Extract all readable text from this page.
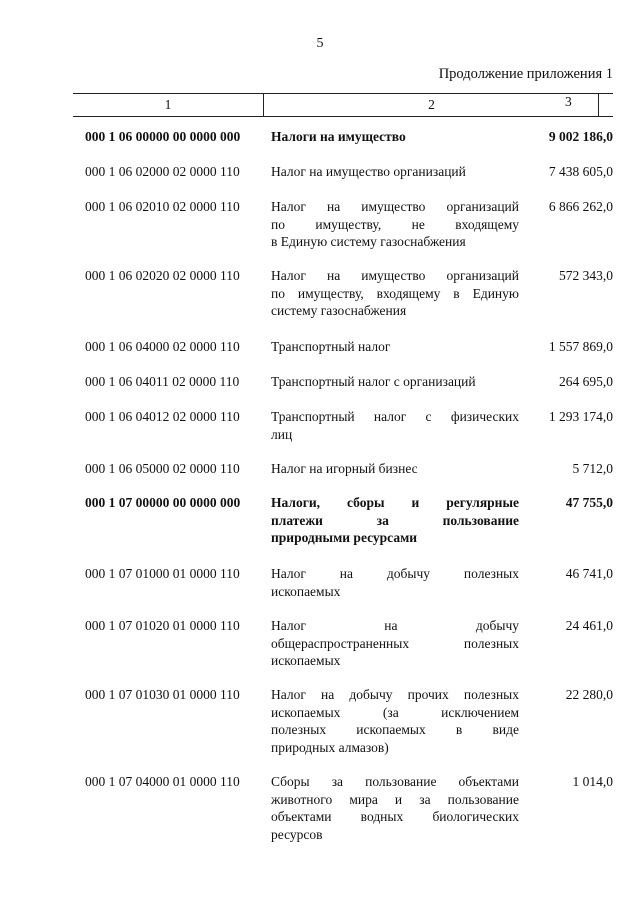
5
Продолжение приложения 1
1	2	3
000 1 06 00000 00 0000 000	Налоги на имущество	9 002 186,0
000 1 06 02000 02 0000 110	Налог на имущество организаций	7 438 605,0
000 1 06 02010 02 0000 110	Налог на имущество организаций
по имуществу, не входящему
в Единую систему газоснабжения
6 866 262,0
000 1 06 02020 02 0000 110	Налог на имущество организаций
по имуществу, входящему в Единую
систему газоснабжения
572 343,0
000 1 06 04000 02 0000 110	Транспортный налог	1 557 869,0
000 1 06 04011 02 0000 110	Транспортный налог с организаций	264 695,0
000 1 06 04012 02 0000 110	Транспортный налог с физических
лиц
1 293 174,0
000 1 06 05000 02 0000 110	Налог на игорный бизнес	5 712,0
000 1 07 00000 00 0000 000	Налоги, сборы и регулярные
платежи за пользование
природными ресурсами
47 755,0
000 1 07 01000 01 0000 110	Налог на добычу полезных
ископаемых
46 741,0
000 1 07 01020 01 0000 110	Налог на добычу
общераспространенных полезных
ископаемых
24 461,0
000 1 07 01030 01 0000 110	Налог на добычу прочих полезных
ископаемых (за исключением
полезных ископаемых в виде
природных алмазов)
22 280,0
000 1 07 04000 01 0000 110	Сборы за пользование объектами
животного мира и за пользование
объектами водных биологических
ресурсов
1 014,0
